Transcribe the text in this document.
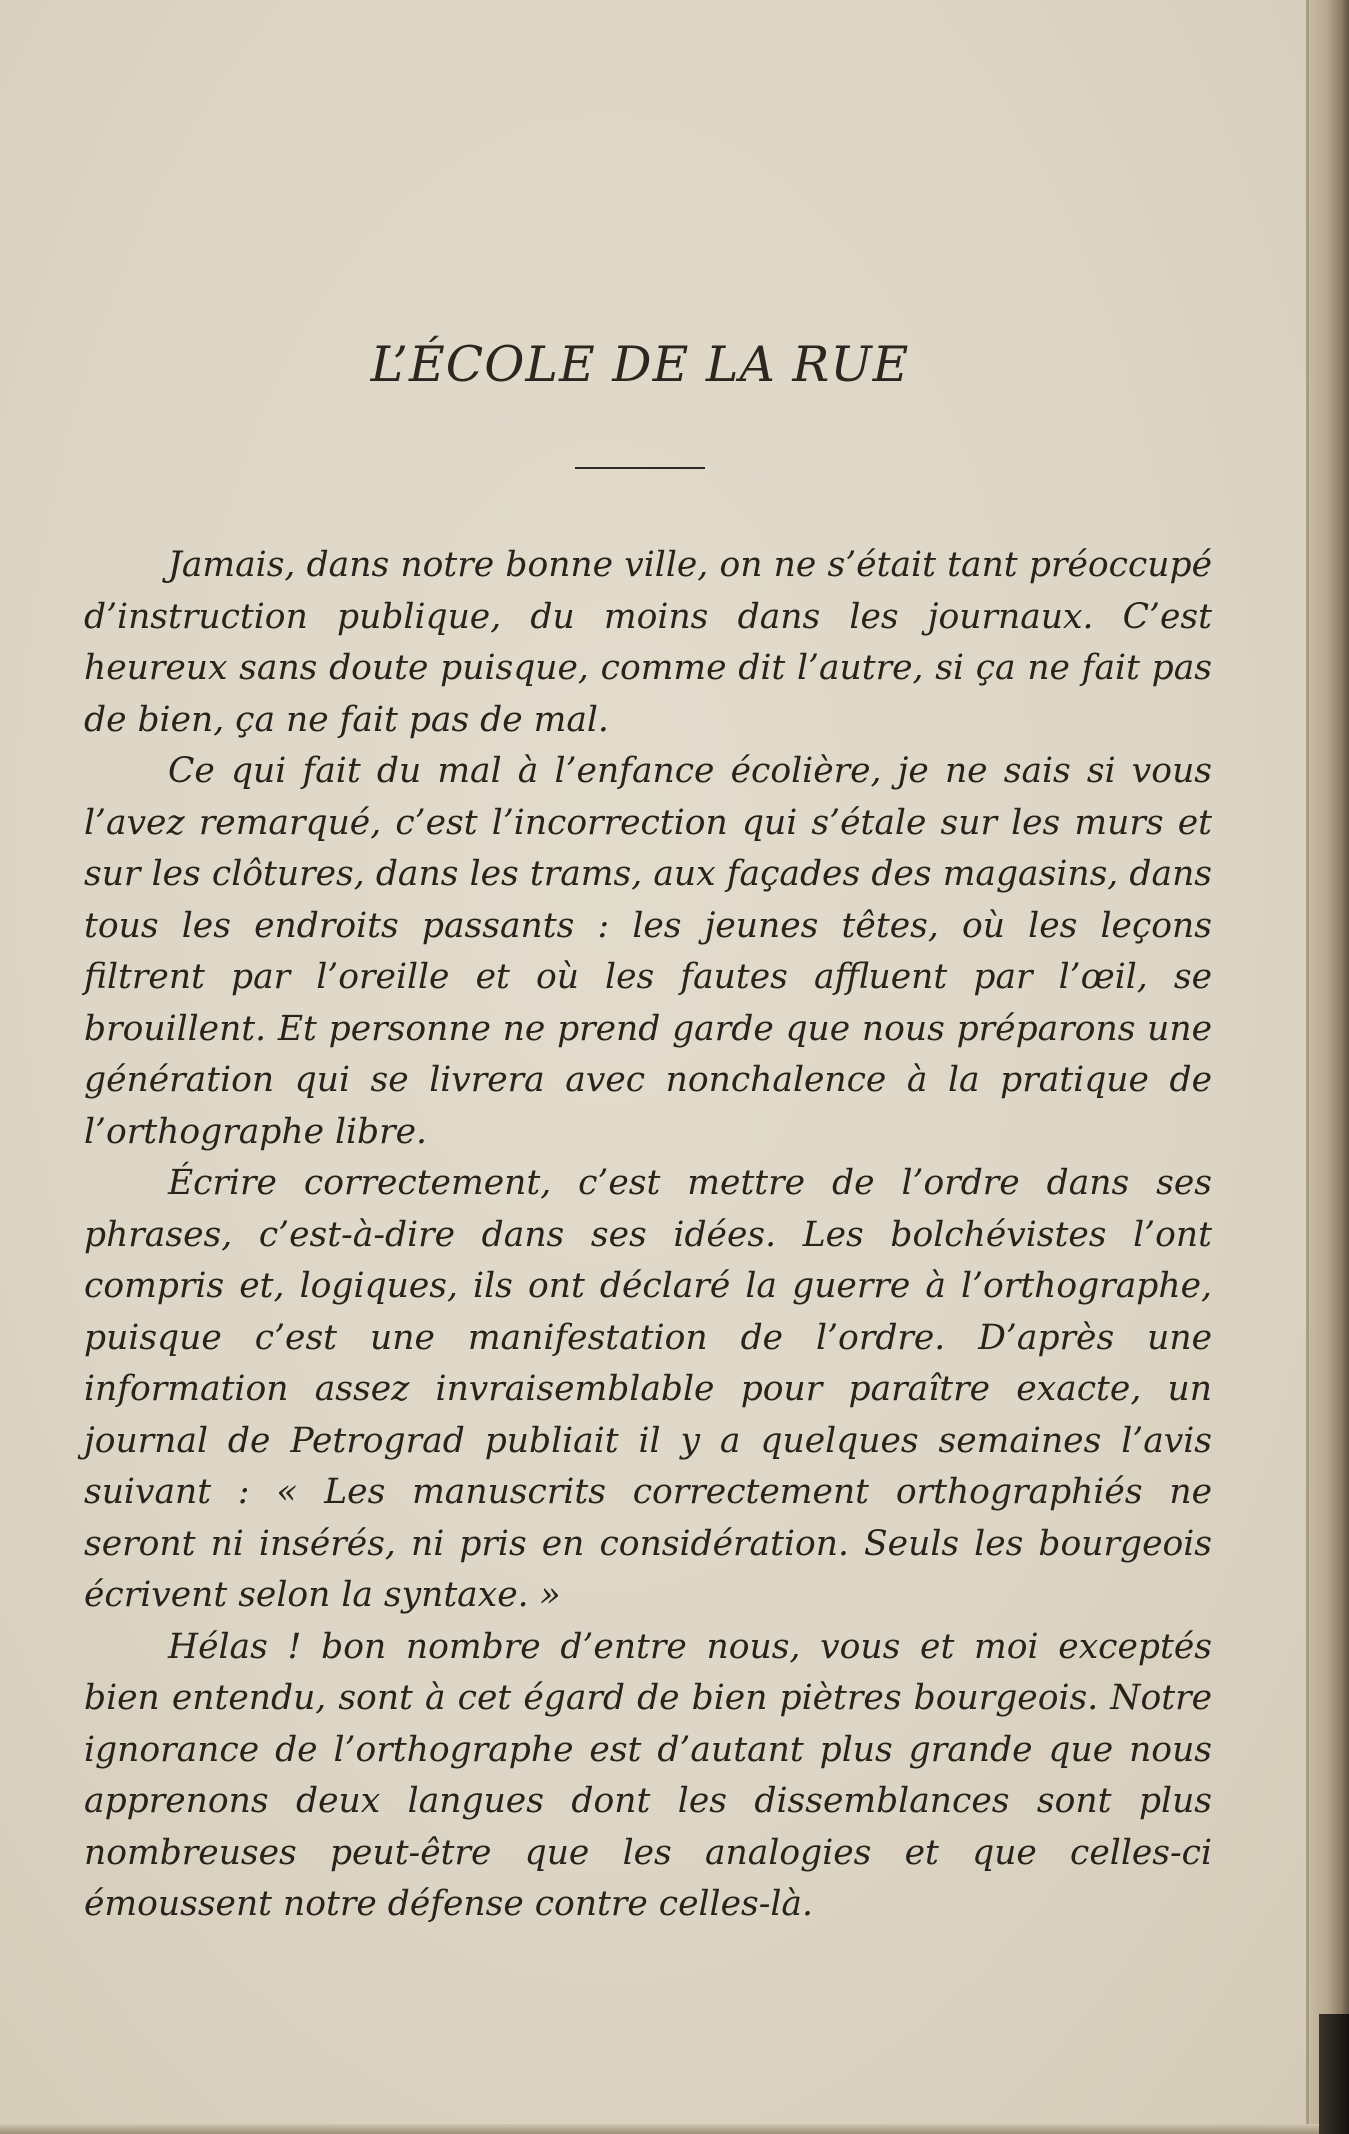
L’ÉCOLE DE LA RUE

Jamais, dans notre bonne ville, on ne s’était tant préoccupé d’instruction publique, du moins dans les journaux. C’est heureux sans doute puisque, comme dit l’autre, si ça ne fait pas de bien, ça ne fait pas de mal.

Ce qui fait du mal à l’enfance écolière, je ne sais si vous l’avez remarqué, c’est l’incorrection qui s’étale sur les murs et sur les clôtures, dans les trams, aux façades des magasins, dans tous les endroits passants : les jeunes têtes, où les leçons filtrent par l’oreille et où les fautes affluent par l’œil, se brouillent. Et personne ne prend garde que nous préparons une génération qui se livrera avec nonchalence à la pratique de l’orthographe libre.

Écrire correctement, c’est mettre de l’ordre dans ses phrases, c’est-à-dire dans ses idées. Les bolchévistes l’ont compris et, logiques, ils ont déclaré la guerre à l’orthographe, puisque c’est une manifestation de l’ordre. D’après une information assez invraisemblable pour paraître exacte, un journal de Petrograd publiait il y a quelques semaines l’avis suivant : « Les manuscrits correctement orthographiés ne seront ni insérés, ni pris en considération. Seuls les bourgeois écrivent selon la syntaxe. »

Hélas ! bon nombre d’entre nous, vous et moi exceptés bien entendu, sont à cet égard de bien piètres bourgeois. Notre ignorance de l’orthographe est d’autant plus grande que nous apprenons deux langues dont les dissemblances sont plus nombreuses peut-être que les analogies et que celles-ci émoussent notre défense contre celles-là.
